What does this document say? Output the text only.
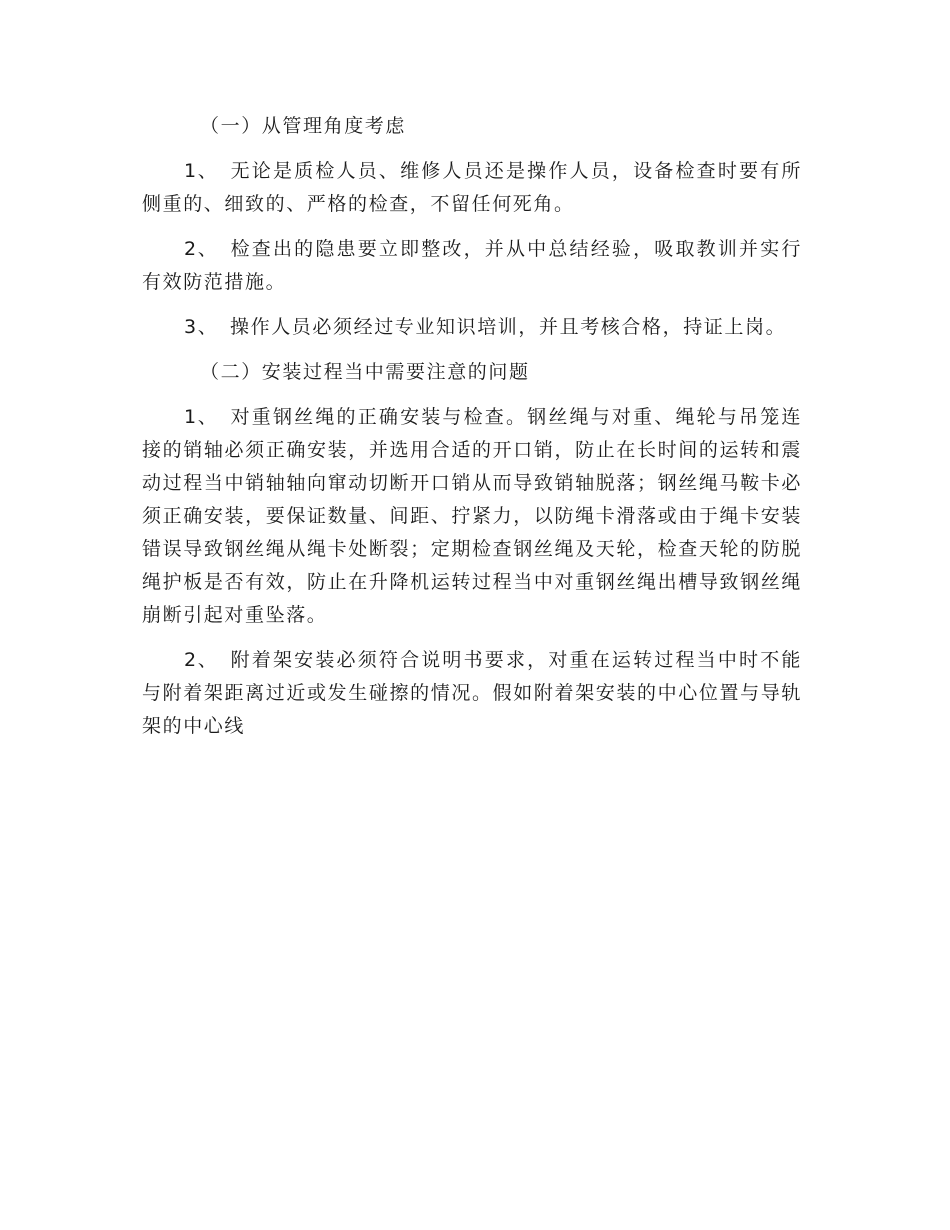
（一）从管理角度考虑

1、 无论是质检人员、维修人员还是操作人员，设备检查时要有所侧重的、细致的、严格的检查，不留任何死角。

2、 检查出的隐患要立即整改，并从中总结经验，吸取教训并实行有效防范措施。

3、 操作人员必须经过专业知识培训，并且考核合格，持证上岗。

（二）安装过程当中需要注意的问题

1、 对重钢丝绳的正确安装与检查。钢丝绳与对重、绳轮与吊笼连接的销轴必须正确安装，并选用合适的开口销，防止在长时间的运转和震动过程当中销轴轴向窜动切断开口销从而导致销轴脱落；钢丝绳马鞍卡必须正确安装，要保证数量、间距、拧紧力，以防绳卡滑落或由于绳卡安装错误导致钢丝绳从绳卡处断裂；定期检查钢丝绳及天轮，检查天轮的防脱绳护板是否有效，防止在升降机运转过程当中对重钢丝绳出槽导致钢丝绳崩断引起对重坠落。

2、 附着架安装必须符合说明书要求，对重在运转过程当中时不能与附着架距离过近或发生碰擦的情况。假如附着架安装的中心位置与导轨架的中心线
